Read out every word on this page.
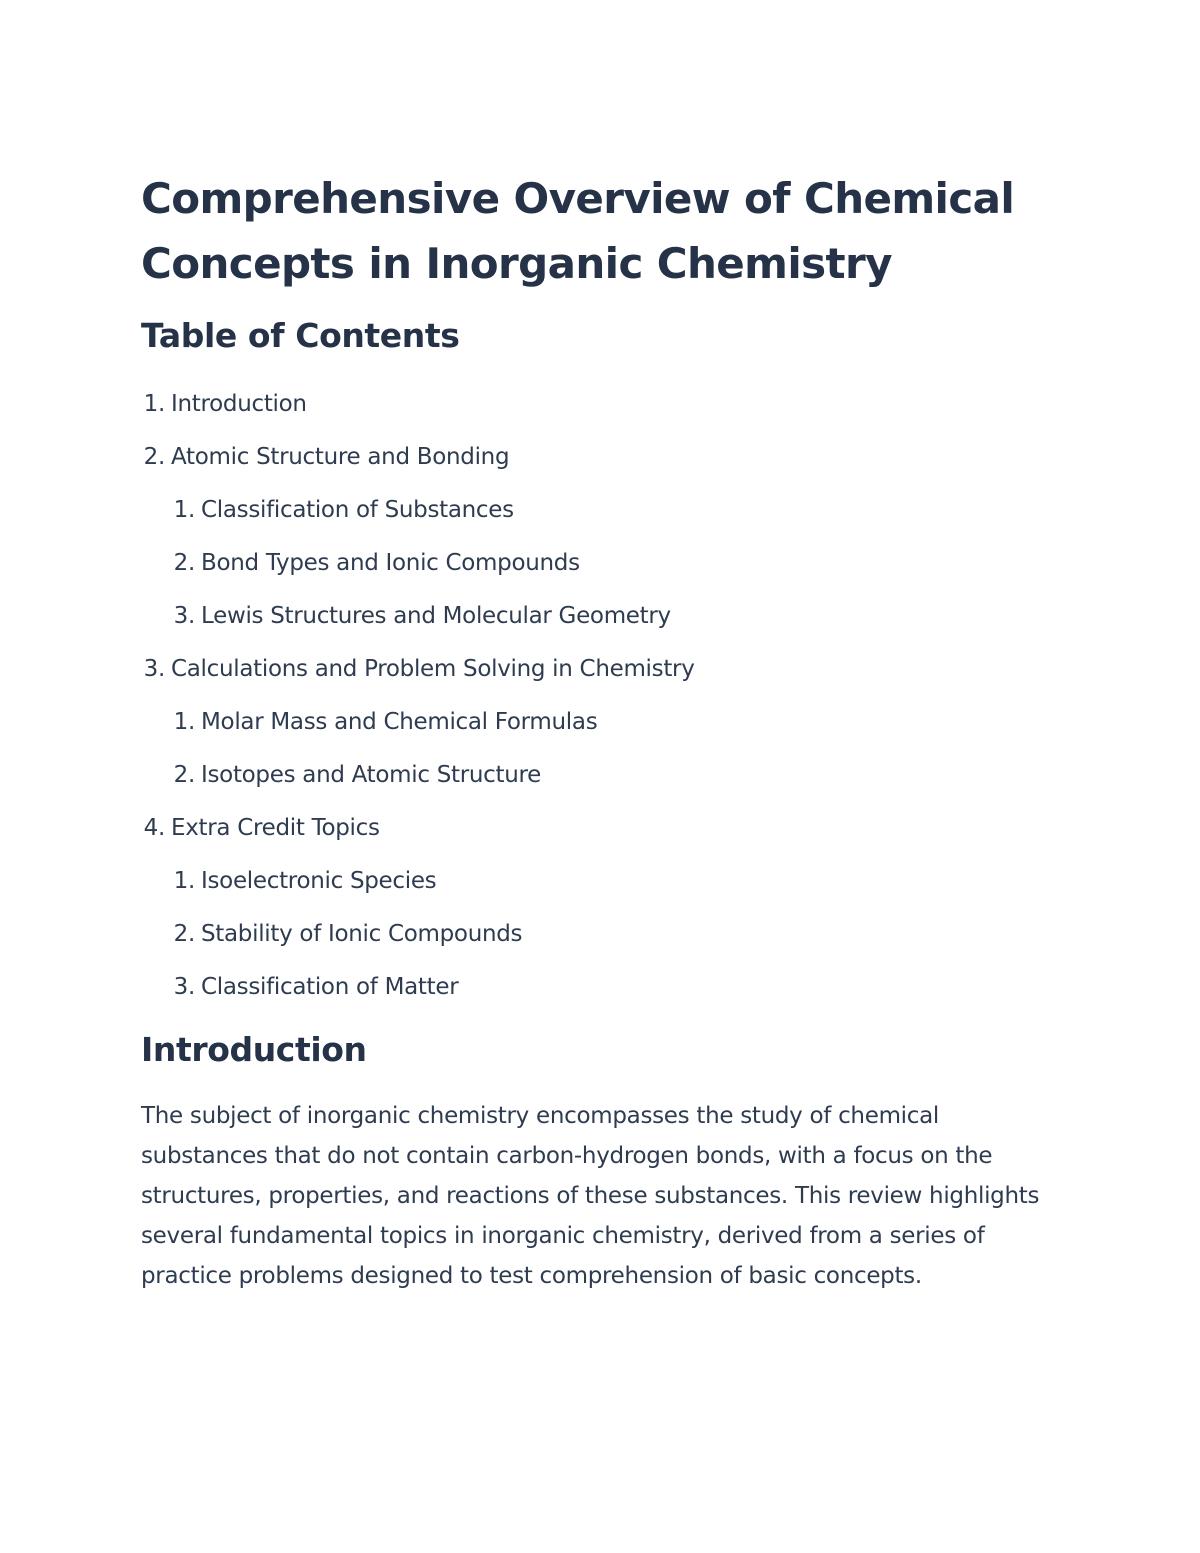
Comprehensive Overview of Chemical Concepts in Inorganic Chemistry
Table of Contents
1. Introduction
2. Atomic Structure and Bonding
1. Classification of Substances
2. Bond Types and Ionic Compounds
3. Lewis Structures and Molecular Geometry
3. Calculations and Problem Solving in Chemistry
1. Molar Mass and Chemical Formulas
2. Isotopes and Atomic Structure
4. Extra Credit Topics
1. Isoelectronic Species
2. Stability of Ionic Compounds
3. Classification of Matter
Introduction

The subject of inorganic chemistry encompasses the study of chemical substances that do not contain carbon-hydrogen bonds, with a focus on the structures, properties, and reactions of these substances. This review highlights several fundamental topics in inorganic chemistry, derived from a series of practice problems designed to test comprehension of basic concepts.
